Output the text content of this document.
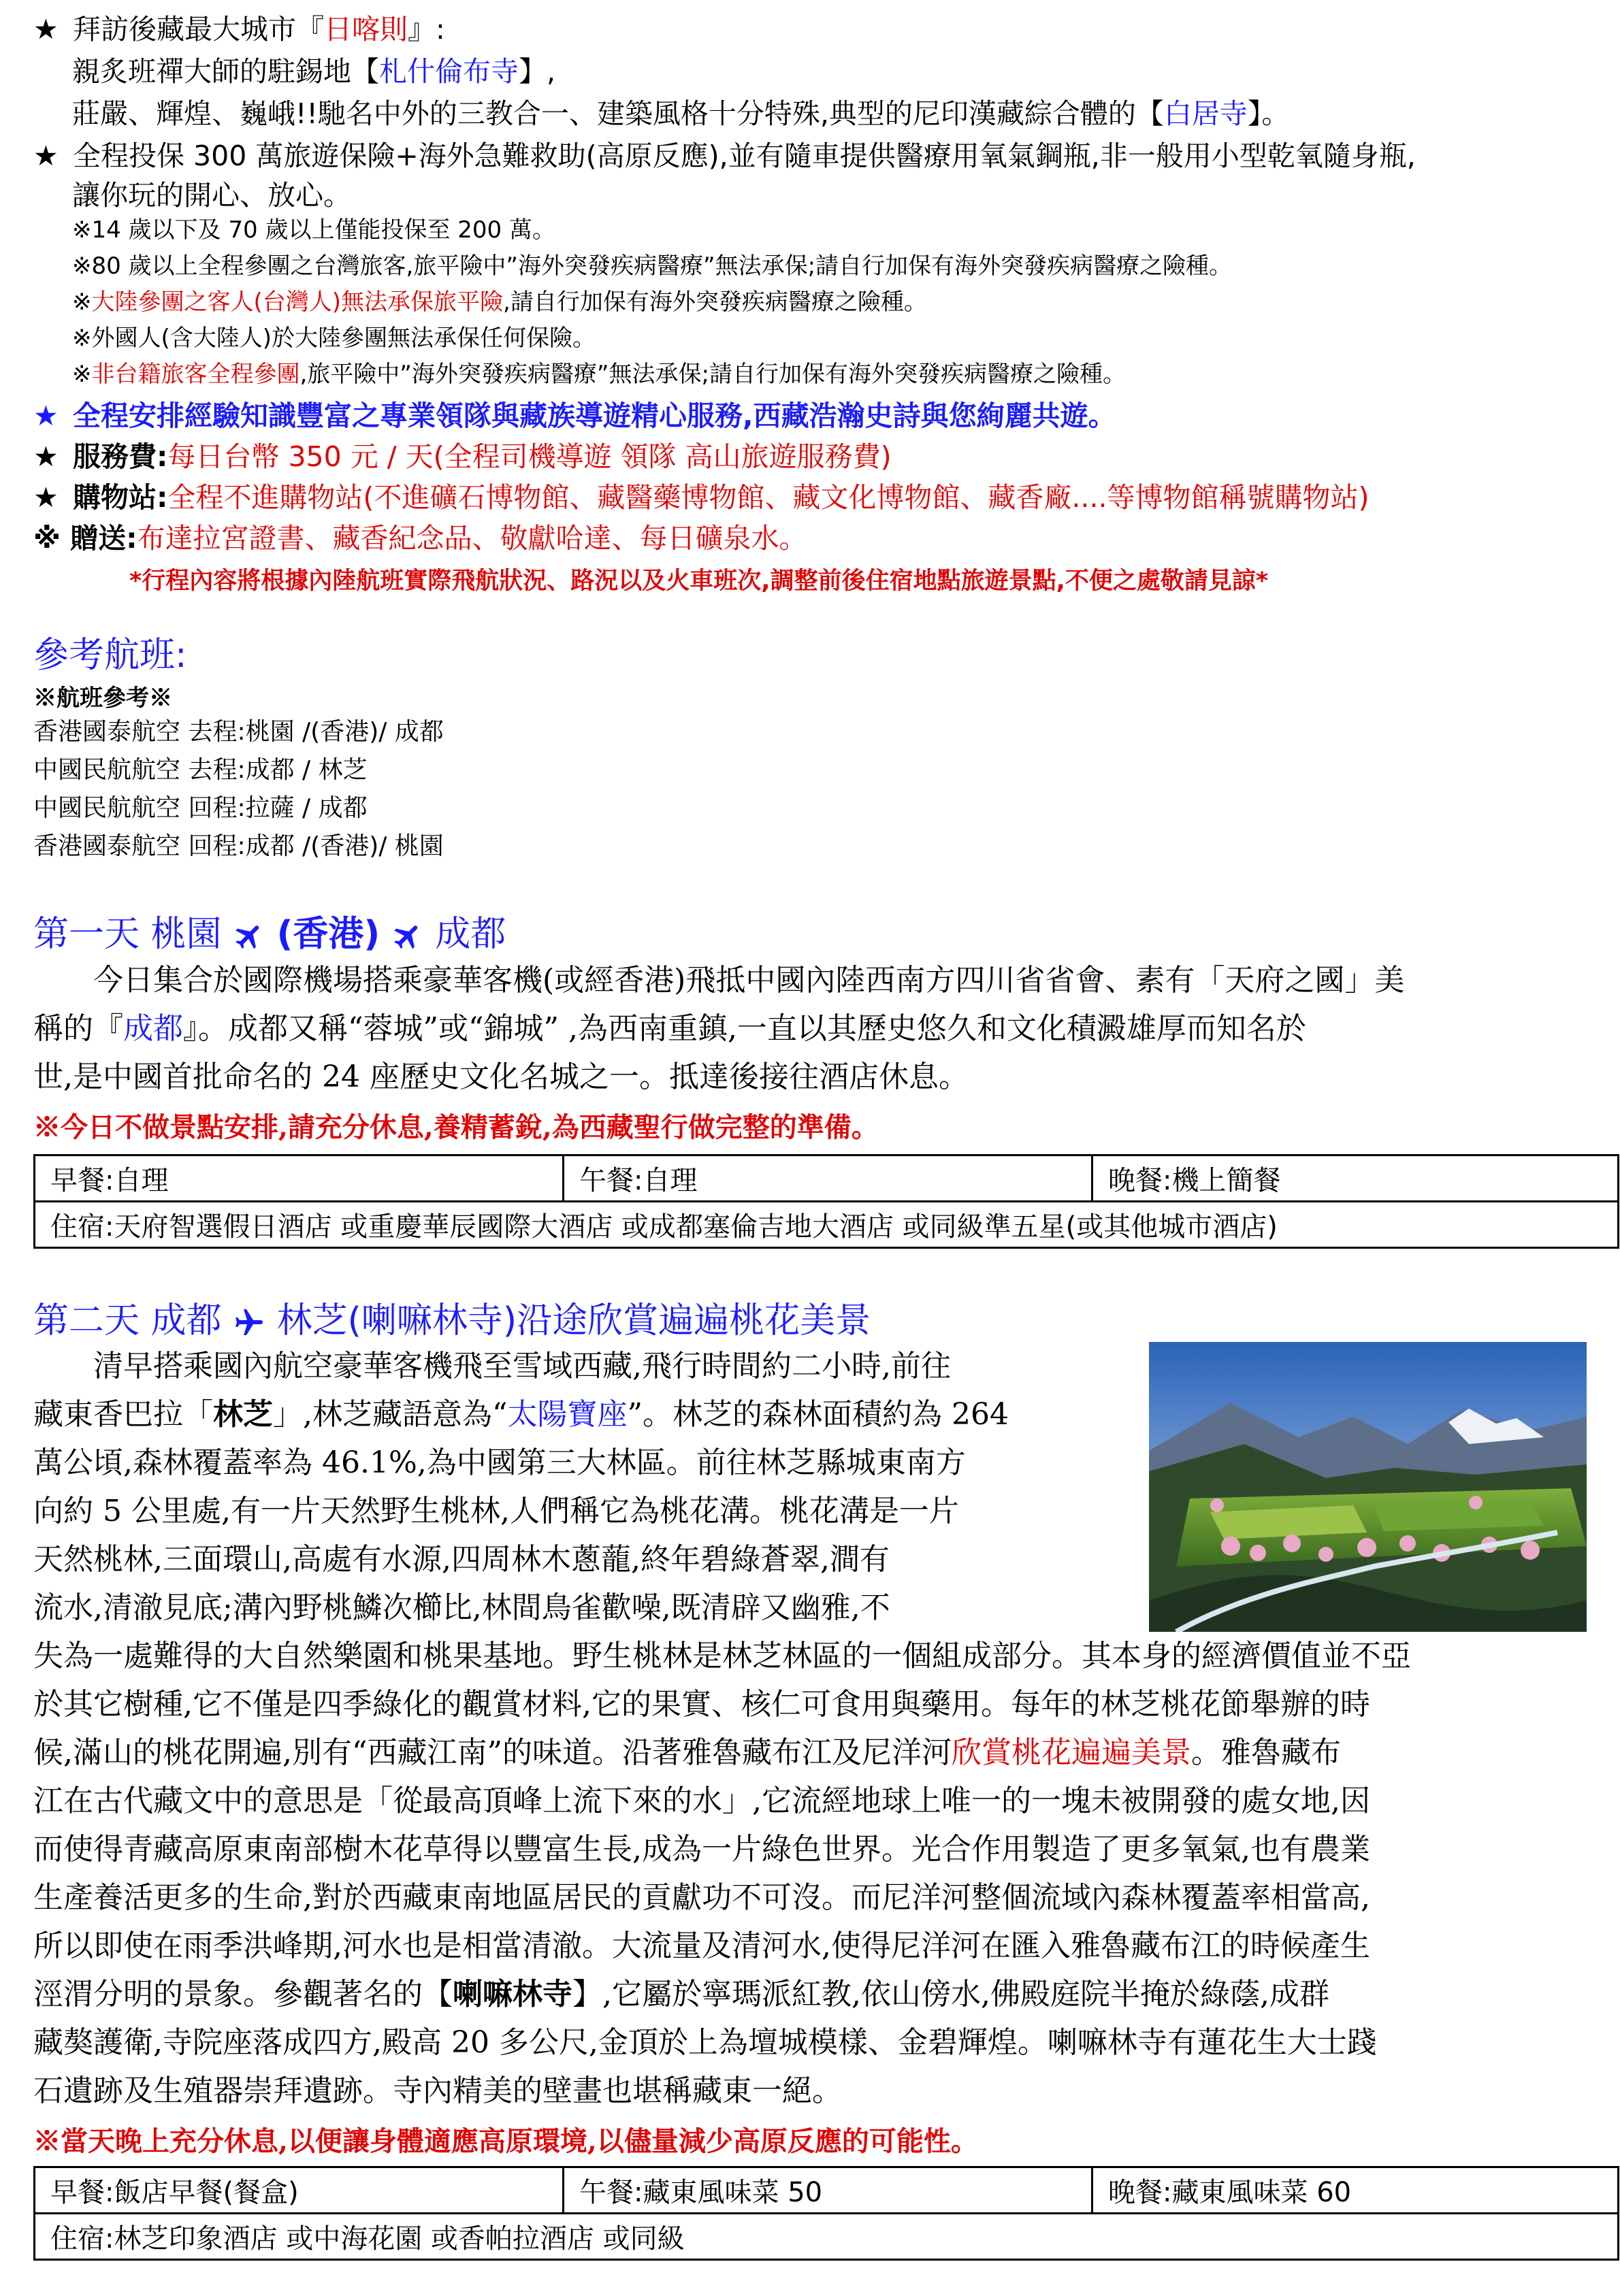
★ 拜訪後藏最大城市『日喀則』:
親炙班禪大師的駐錫地【札什倫布寺】,
莊嚴、輝煌、巍峨!!馳名中外的三教合一、建築風格十分特殊,典型的尼印漢藏綜合體的【白居寺】。
★ 全程投保 300 萬旅遊保險+海外急難救助(高原反應),並有隨車提供醫療用氧氣鋼瓶,非一般用小型乾氧隨身瓶,
讓你玩的開心、放心。
※14 歲以下及 70 歲以上僅能投保至 200 萬。
※80 歲以上全程參團之台灣旅客,旅平險中”海外突發疾病醫療”無法承保;請自行加保有海外突發疾病醫療之險種。
※大陸參團之客人(台灣人)無法承保旅平險,請自行加保有海外突發疾病醫療之險種。
※外國人(含大陸人)於大陸參團無法承保任何保險。
※非台籍旅客全程參團,旅平險中”海外突發疾病醫療”無法承保;請自行加保有海外突發疾病醫療之險種。
★ 全程安排經驗知識豐富之專業領隊與藏族導遊精心服務,西藏浩瀚史詩與您絢麗共遊。
★ 服務費:每日台幣 350 元 / 天(全程司機導遊 領隊 高山旅遊服務費)
★ 購物站:全程不進購物站(不進礦石博物館、藏醫藥博物館、藏文化博物館、藏香廠....等博物館稱號購物站)
※ 贈送:布達拉宮證書、藏香紀念品、敬獻哈達、每日礦泉水。
*行程內容將根據內陸航班實際飛航狀況、路況以及火車班次,調整前後住宿地點旅遊景點,不便之處敬請見諒*
參考航班:
※航班參考※
香港國泰航空 去程:桃園 /(香港)/ 成都
中國民航航空 去程:成都 / 林芝
中國民航航空 回程:拉薩 / 成都
香港國泰航空 回程:成都 /(香港)/ 桃園
第一天 桃園 (香港) 成都
今日集合於國際機場搭乘豪華客機(或經香港)飛抵中國內陸西南方四川省省會、素有「天府之國」美
稱的『成都』。成都又稱“蓉城”或“錦城” ,為西南重鎮,一直以其歷史悠久和文化積澱雄厚而知名於
世,是中國首批命名的 24 座歷史文化名城之一。抵達後接往酒店休息。
※今日不做景點安排,請充分休息,養精蓄銳,為西藏聖行做完整的準備。
早餐:自理	午餐:自理	晚餐:機上簡餐
住宿:天府智選假日酒店 或重慶華辰國際大酒店 或成都塞倫吉地大酒店 或同級準五星(或其他城市酒店)
第二天 成都 林芝(喇嘛林寺)沿途欣賞遍遍桃花美景
清早搭乘國內航空豪華客機飛至雪域西藏,飛行時間約二小時,前往
藏東香巴拉「林芝」,林芝藏語意為“太陽寶座”。林芝的森林面積約為 264
萬公頃,森林覆蓋率為 46.1%,為中國第三大林區。前往林芝縣城東南方
向約 5 公里處,有一片天然野生桃林,人們稱它為桃花溝。桃花溝是一片
天然桃林,三面環山,高處有水源,四周林木蔥蘢,終年碧綠蒼翠,澗有
流水,清澈見底;溝內野桃鱗次櫛比,林間鳥雀歡噪,既清辟又幽雅,不
失為一處難得的大自然樂園和桃果基地。野生桃林是林芝林區的一個組成部分。其本身的經濟價值並不亞
於其它樹種,它不僅是四季綠化的觀賞材料,它的果實、核仁可食用與藥用。每年的林芝桃花節舉辦的時
候,滿山的桃花開遍,別有“西藏江南”的味道。沿著雅魯藏布江及尼洋河欣賞桃花遍遍美景。雅魯藏布
江在古代藏文中的意思是「從最高頂峰上流下來的水」,它流經地球上唯一的一塊未被開發的處女地,因
而使得青藏高原東南部樹木花草得以豐富生長,成為一片綠色世界。光合作用製造了更多氧氣,也有農業
生產養活更多的生命,對於西藏東南地區居民的貢獻功不可沒。而尼洋河整個流域內森林覆蓋率相當高,
所以即使在雨季洪峰期,河水也是相當清澈。大流量及清河水,使得尼洋河在匯入雅魯藏布江的時候產生
涇渭分明的景象。參觀著名的【喇嘛林寺】,它屬於寧瑪派紅教,依山傍水,佛殿庭院半掩於綠蔭,成群
藏獒護衛,寺院座落成四方,殿高 20 多公尺,金頂於上為壇城模樣、金碧輝煌。喇嘛林寺有蓮花生大士踐
石遺跡及生殖器崇拜遺跡。寺內精美的壁畫也堪稱藏東一絕。
※當天晚上充分休息,以便讓身體適應高原環境,以儘量減少高原反應的可能性。
早餐:飯店早餐(餐盒)	午餐:藏東風味菜 50	晚餐:藏東風味菜 60
住宿:林芝印象酒店 或中海花園 或香帕拉酒店 或同級
